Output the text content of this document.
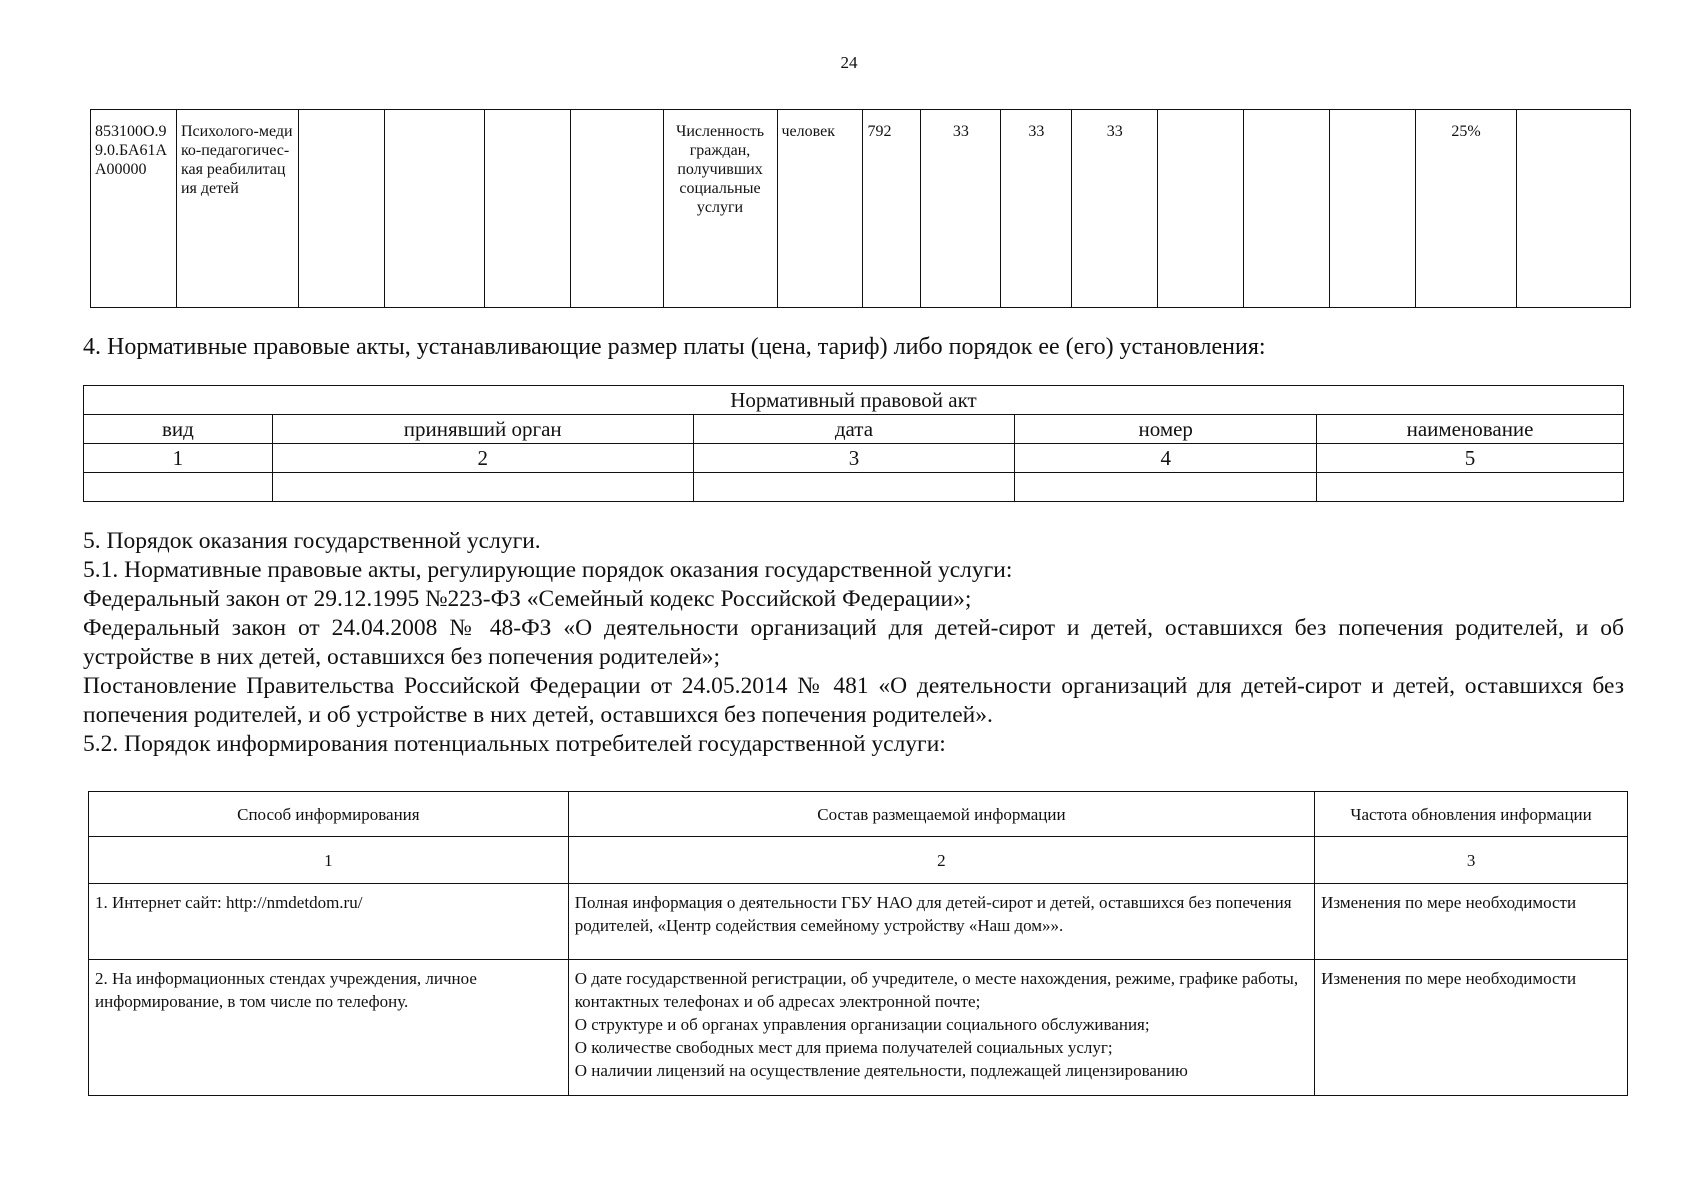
24
853100О.99.0.БА61АА00000	Психолого-медико-педагогичес-кая реабилитация детей					Численность граждан, получивших социальные услуги	человек	792	33	33	33				25%	
4. Нормативные правовые акты, устанавливающие размер платы (цена, тариф) либо порядок ее (его) установления:
Нормативный правовой акт				
вид	принявший орган	дата	номер	наименование
1	2	3	4	5

5. Порядок оказания государственной услуги.

5.1. Нормативные правовые акты, регулирующие порядок оказания государственной услуги:

Федеральный закон от 29.12.1995 №223-ФЗ «Семейный кодекс Российской Федерации»;

Федеральный закон от 24.04.2008 № 48-ФЗ «О деятельности организаций для детей-сирот и детей, оставшихся без попечения родителей, и об устройстве в них детей, оставшихся без попечения родителей»;

Постановление Правительства Российской Федерации от 24.05.2014 № 481 «О деятельности организаций для детей-сирот и детей, оставшихся без попечения родителей, и об устройстве в них детей, оставшихся без попечения родителей».

5.2. Порядок информирования потенциальных потребителей государственной услуги:

Способ информирования	Состав размещаемой информации	Частота обновления информации
1	2	3
1. Интернет сайт: http://nmdetdom.ru/	Полная информация о деятельности ГБУ НАО для детей-сирот и детей, оставшихся без попечения родителей, «Центр содействия семейному устройству «Наш дом»».	Изменения по мере необходимости
2. На информационных стендах учреждения, личное информирование, в том числе по телефону.	О дате государственной регистрации, об учредителе, о месте нахождения, режиме, графике работы, контактных телефонах и об адресах электронной почте;
О структуре и об органах управления организации социального обслуживания;
О количестве свободных мест для приема получателей социальных услуг;
О наличии лицензий на осуществление деятельности, подлежащей лицензированию	Изменения по мере необходимости
